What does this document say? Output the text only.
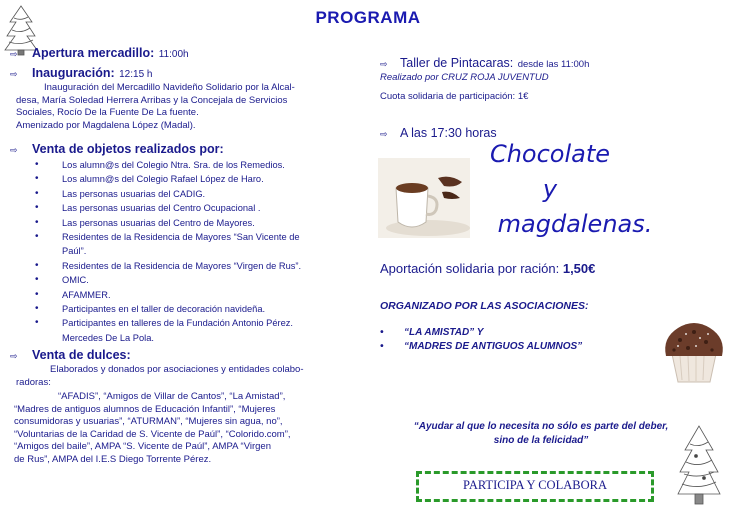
PROGRAMA
⇨ Apertura mercadillo: 11:00h
⇨ Inauguración: 12:15 h
Inauguración del Mercadillo Navideño Solidario por la Alcal-
desa, María Soledad Herrera Arribas y la Concejala de Servicios
Sociales, Rocío De la Fuente De La fuente.
Amenizado por Magdalena López (Madal).
⇨ Venta de objetos realizados por:
• Los alumn@s del Colegio Ntra. Sra. de los Remedios.
• Los alumn@s del Colegio Rafael López de Haro.
• Las personas usuarias del CADIG.
• Las personas usuarias del Centro Ocupacional .
• Las personas usuarias del Centro de Mayores.
• Residentes de la Residencia de Mayores “San Vicente de
Paúl”.
• Residentes de la Residencia de Mayores “Virgen de Rus”.
• OMIC.
• AFAMMER.
• Participantes en el taller de decoración navideña.
• Participantes en talleres de la Fundación Antonio Pérez.
Mercedes De La Pola.
⇨ Venta de dulces:
Elaborados y donados por asociaciones y entidades colabo-
radoras:
“AFADIS”, “Amigos de Villar de Cantos”, “La Amistad”,
“Madres de antiguos alumnos de Educación Infantil”, “Mujeres
consumidoras y usuarias”, “ATURMAN”, “Mujeres sin agua, no”,
“Voluntarias de la Caridad de S. Vicente de Paúl”, “Colorido.com”,
“Amigos del baile”, AMPA “S. Vicente de Paúl”, AMPA “Virgen
de Rus”, AMPA del I.E.S Diego Torrente Pérez.
⇨ Taller de Pintacaras: desde las 11:00h
Realizado por CRUZ ROJA JUVENTUD
Cuota solidaria de participación: 1€
⇨ A las 17:30 horas
Chocolate
y
magdalenas.
Aportación solidaria por ración: 1,50€
ORGANIZADO POR LAS ASOCIACIONES:
• “LA AMISTAD” Y
• “MADRES DE ANTIGUOS ALUMNOS”
“Ayudar al que lo necesita no sólo es parte del deber,
sino de la felicidad”
PARTICIPA Y COLABORA
